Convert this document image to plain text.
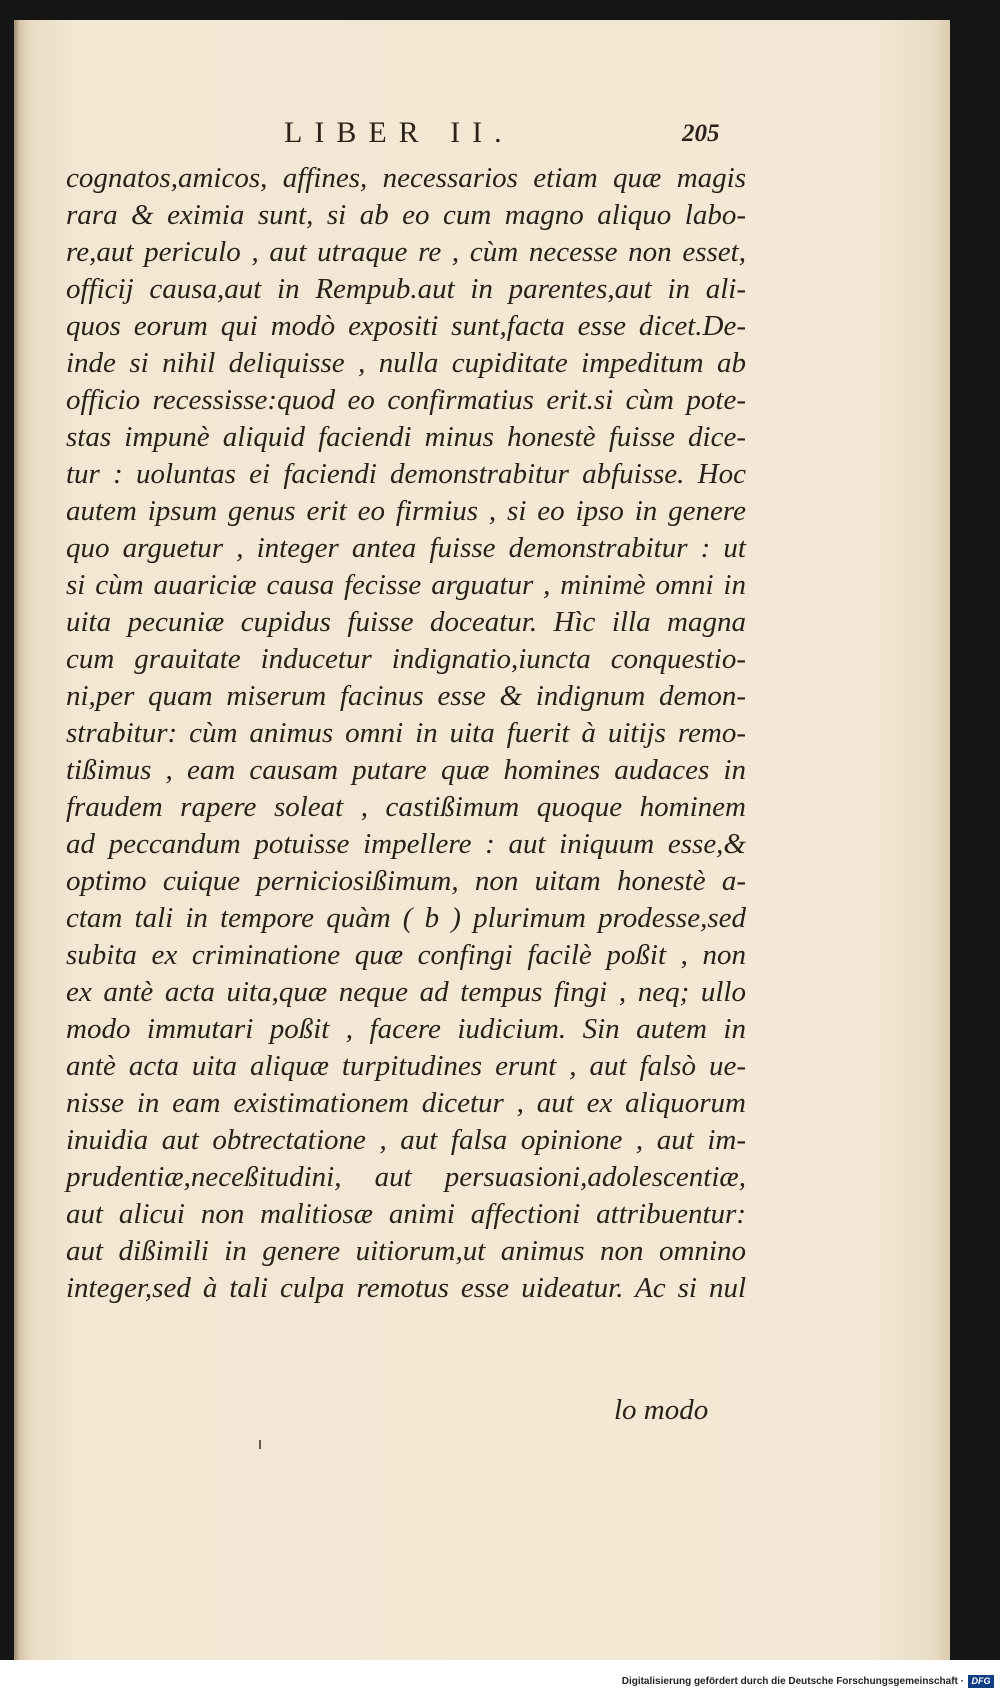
LIBER II.	205
cognatos,amicos, affines, necessarios etiam quæ magis
rara & eximia sunt, si ab eo cum magno aliquo labo-
re,aut periculo , aut utraque re , cùm necesse non esset,
officij causa,aut in Rempub.aut in parentes,aut in ali-
quos eorum qui modò expositi sunt,facta esse dicet.De-
inde si nihil deliquisse , nulla cupiditate impeditum ab
officio recessisse:quod eo confirmatius erit.si cùm pote-
stas impunè aliquid faciendi minus honestè fuisse dice-
tur : uoluntas ei faciendi demonstrabitur abfuisse. Hoc
autem ipsum genus erit eo firmius , si eo ipso in genere
quo arguetur , integer antea fuisse demonstrabitur : ut
si cùm auariciæ causa fecisse arguatur , minimè omni in
uita pecuniæ cupidus fuisse doceatur. Hìc illa magna
cum grauitate inducetur indignatio,iuncta conquestio-
ni,per quam miserum facinus esse & indignum demon-
strabitur: cùm animus omni in uita fuerit à uitijs remo-
tißimus , eam causam putare quæ homines audaces in
fraudem rapere soleat , castißimum quoque hominem
ad peccandum potuisse impellere : aut iniquum esse,&
optimo cuique perniciosißimum, non uitam honestè a-
ctam tali in tempore quàm ( b ) plurimum prodesse,sed
subita ex criminatione quæ confingi facilè poßit , non
ex antè acta uita,quæ neque ad tempus fingi , neq; ullo
modo immutari poßit , facere iudicium. Sin autem in
antè acta uita aliquæ turpitudines erunt , aut falsò ue-
nisse in eam existimationem dicetur , aut ex aliquorum
inuidia aut obtrectatione , aut falsa opinione , aut im-
prudentiæ,neceßitudini, aut persuasioni,adolescentiæ,
aut alicui non malitiosæ animi affectioni attribuentur:
aut dißimili in genere uitiorum,ut animus non omnino
integer,sed à tali culpa remotus esse uideatur. Ac si nul
lo modo
Digitalisierung gefördert durch die Deutsche Forschungsgemeinschaft · DFG
